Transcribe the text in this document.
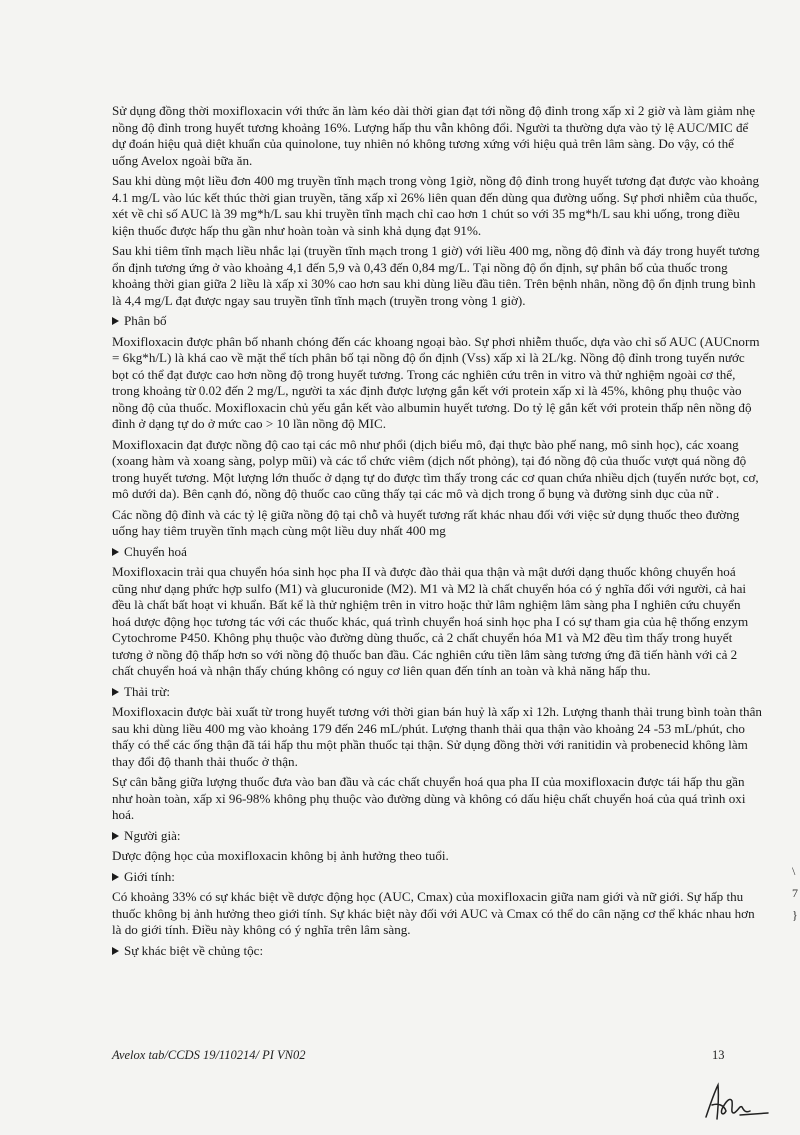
Sử dụng đồng thời moxifloxacin với thức ăn làm kéo dài thời gian đạt tới nồng độ đỉnh trong xấp xỉ 2 giờ và làm giảm nhẹ nồng độ đỉnh trong huyết tương khoảng 16%. Lượng hấp thu vẫn không đổi. Người ta thường dựa vào tỷ lệ AUC/MIC để dự đoán hiệu quả diệt khuẩn của quinolone, tuy nhiên nó không tương xứng với hiệu quả trên lâm sàng. Do vậy, có thể uống Avelox ngoài bữa ăn.

Sau khi dùng một liều đơn 400 mg truyền tĩnh mạch trong vòng 1giờ, nồng độ đỉnh trong huyết tương đạt được vào khoảng 4.1 mg/L vào lúc kết thúc thời gian truyền, tăng xấp xỉ 26% liên quan đến dùng qua đường uống. Sự phơi nhiễm của thuốc, xét về chỉ số AUC là 39 mg*h/L sau khi truyền tĩnh mạch chỉ cao hơn 1 chút so với 35 mg*h/L sau khi uống, trong điều kiện thuốc được hấp thu gần như hoàn toàn và sinh khả dụng đạt 91%.

Sau khi tiêm tĩnh mạch liều nhắc lại (truyền tĩnh mạch trong 1 giờ) với liều 400 mg, nồng độ đỉnh và đáy trong huyết tương ổn định tương ứng ở vào khoảng 4,1 đến 5,9 và 0,43 đến 0,84 mg/L. Tại nồng độ ổn định, sự phân bố của thuốc trong khoảng thời gian giữa 2 liều là xấp xỉ 30% cao hơn sau khi dùng liều đầu tiên. Trên bệnh nhân, nồng độ ổn định trung bình là 4,4 mg/L đạt được ngay sau truyền tĩnh tĩnh mạch (truyền trong vòng 1 giờ).

Phân bố

Moxifloxacin được phân bố nhanh chóng đến các khoang ngoại bào. Sự phơi nhiễm thuốc, dựa vào chỉ số AUC (AUCnorm = 6kg*h/L) là khá cao về mặt thể tích phân bố tại nồng độ ổn định (Vss) xấp xỉ là 2L/kg. Nồng độ đỉnh trong tuyến nước bọt có thể đạt được cao hơn nồng độ trong huyết tương. Trong các nghiên cứu trên in vitro và thử nghiệm ngoài cơ thể, trong khoảng từ 0.02 đến 2 mg/L, người ta xác định được lượng gắn kết với protein xấp xỉ là 45%, không phụ thuộc vào nồng độ của thuốc. Moxifloxacin chủ yếu gắn kết vào albumin huyết tương. Do tỷ lệ gắn kết với protein thấp nên nồng độ đỉnh ở dạng tự do ở mức cao > 10 lần nồng độ MIC.

Moxifloxacin đạt được nồng độ cao tại các mô như phổi (dịch biểu mô, đại thực bào phế nang, mô sinh học), các xoang (xoang hàm và xoang sàng, polyp mũi) và các tổ chức viêm (dịch nốt phỏng), tại đó nồng độ của thuốc vượt quá nồng độ trong huyết tương. Một lượng lớn thuốc ở dạng tự do được tìm thấy trong các cơ quan chứa nhiều dịch (tuyến nước bọt, cơ, mô dưới da). Bên cạnh đó, nồng độ thuốc cao cũng thấy tại các mô và dịch trong ổ bụng và đường sinh dục của nữ .

Các nồng độ đỉnh và các tỷ lệ giữa nồng độ tại chỗ và huyết tương rất khác nhau đối với việc sử dụng thuốc theo đường uống hay tiêm truyền tĩnh mạch cùng một liều duy nhất 400 mg

Chuyển hoá

Moxifloxacin trải qua chuyển hóa sinh học pha II và được đào thải qua thận và mật dưới dạng thuốc không chuyển hoá cũng như dạng phức hợp sulfo (M1) và glucuronide (M2). M1 và M2 là chất chuyển hóa có ý nghĩa đối với người, cả hai đều là chất bất hoạt vi khuẩn. Bất kể là thử nghiệm trên in vitro hoặc thử lâm nghiệm lâm sàng pha I nghiên cứu chuyển hoá dược động học tương tác với các thuốc khác, quá trình chuyển hoá sinh học pha I có sự tham gia của hệ thống enzym Cytochrome P450. Không phụ thuộc vào đường dùng thuốc, cả 2 chất chuyển hóa M1 và M2 đều tìm thấy trong huyết tương ở nồng độ thấp hơn so với nồng độ thuốc ban đầu. Các nghiên cứu tiền lâm sàng tương ứng đã tiến hành với cả 2 chất chuyển hoá và nhận thấy chúng không có nguy cơ liên quan đến tính an toàn và khả năng hấp thu.

Thải trừ:

Moxifloxacin được bài xuất từ trong huyết tương với thời gian bán huỷ là xấp xỉ 12h. Lượng thanh thải trung bình toàn thân sau khi dùng liều 400 mg vào khoảng 179 đến 246 mL/phút. Lượng thanh thải qua thận vào khoảng 24 -53 mL/phút, cho thấy có thể các ống thận đã tái hấp thu một phần thuốc tại thận. Sử dụng đồng thời với ranitidin và probenecid không làm thay đổi độ thanh thải thuốc ở thận.

Sự cân bằng giữa lượng thuốc đưa vào ban đầu và các chất chuyển hoá qua pha II của moxifloxacin được tái hấp thu gần như hoàn toàn, xấp xỉ 96-98% không phụ thuộc vào đường dùng và không có dấu hiệu chất chuyển hoá của quá trình oxi hoá.

Người già:

Dược động học của moxifloxacin không bị ảnh hưởng theo tuổi.

Giới tính:

Có khoảng 33% có sự khác biệt về dược động học (AUC, Cmax) của moxifloxacin giữa nam giới và nữ giới. Sự hấp thu thuốc không bị ảnh hưởng theo giới tính. Sự khác biệt này đối với AUC và Cmax có thể do cân nặng cơ thể khác nhau hơn là do giới tính. Điều này không có ý nghĩa trên lâm sàng.

Sự khác biệt về chủng tộc:

\
7
}
Avelox tab/CCDS 19/110214/ PI VN02	13
